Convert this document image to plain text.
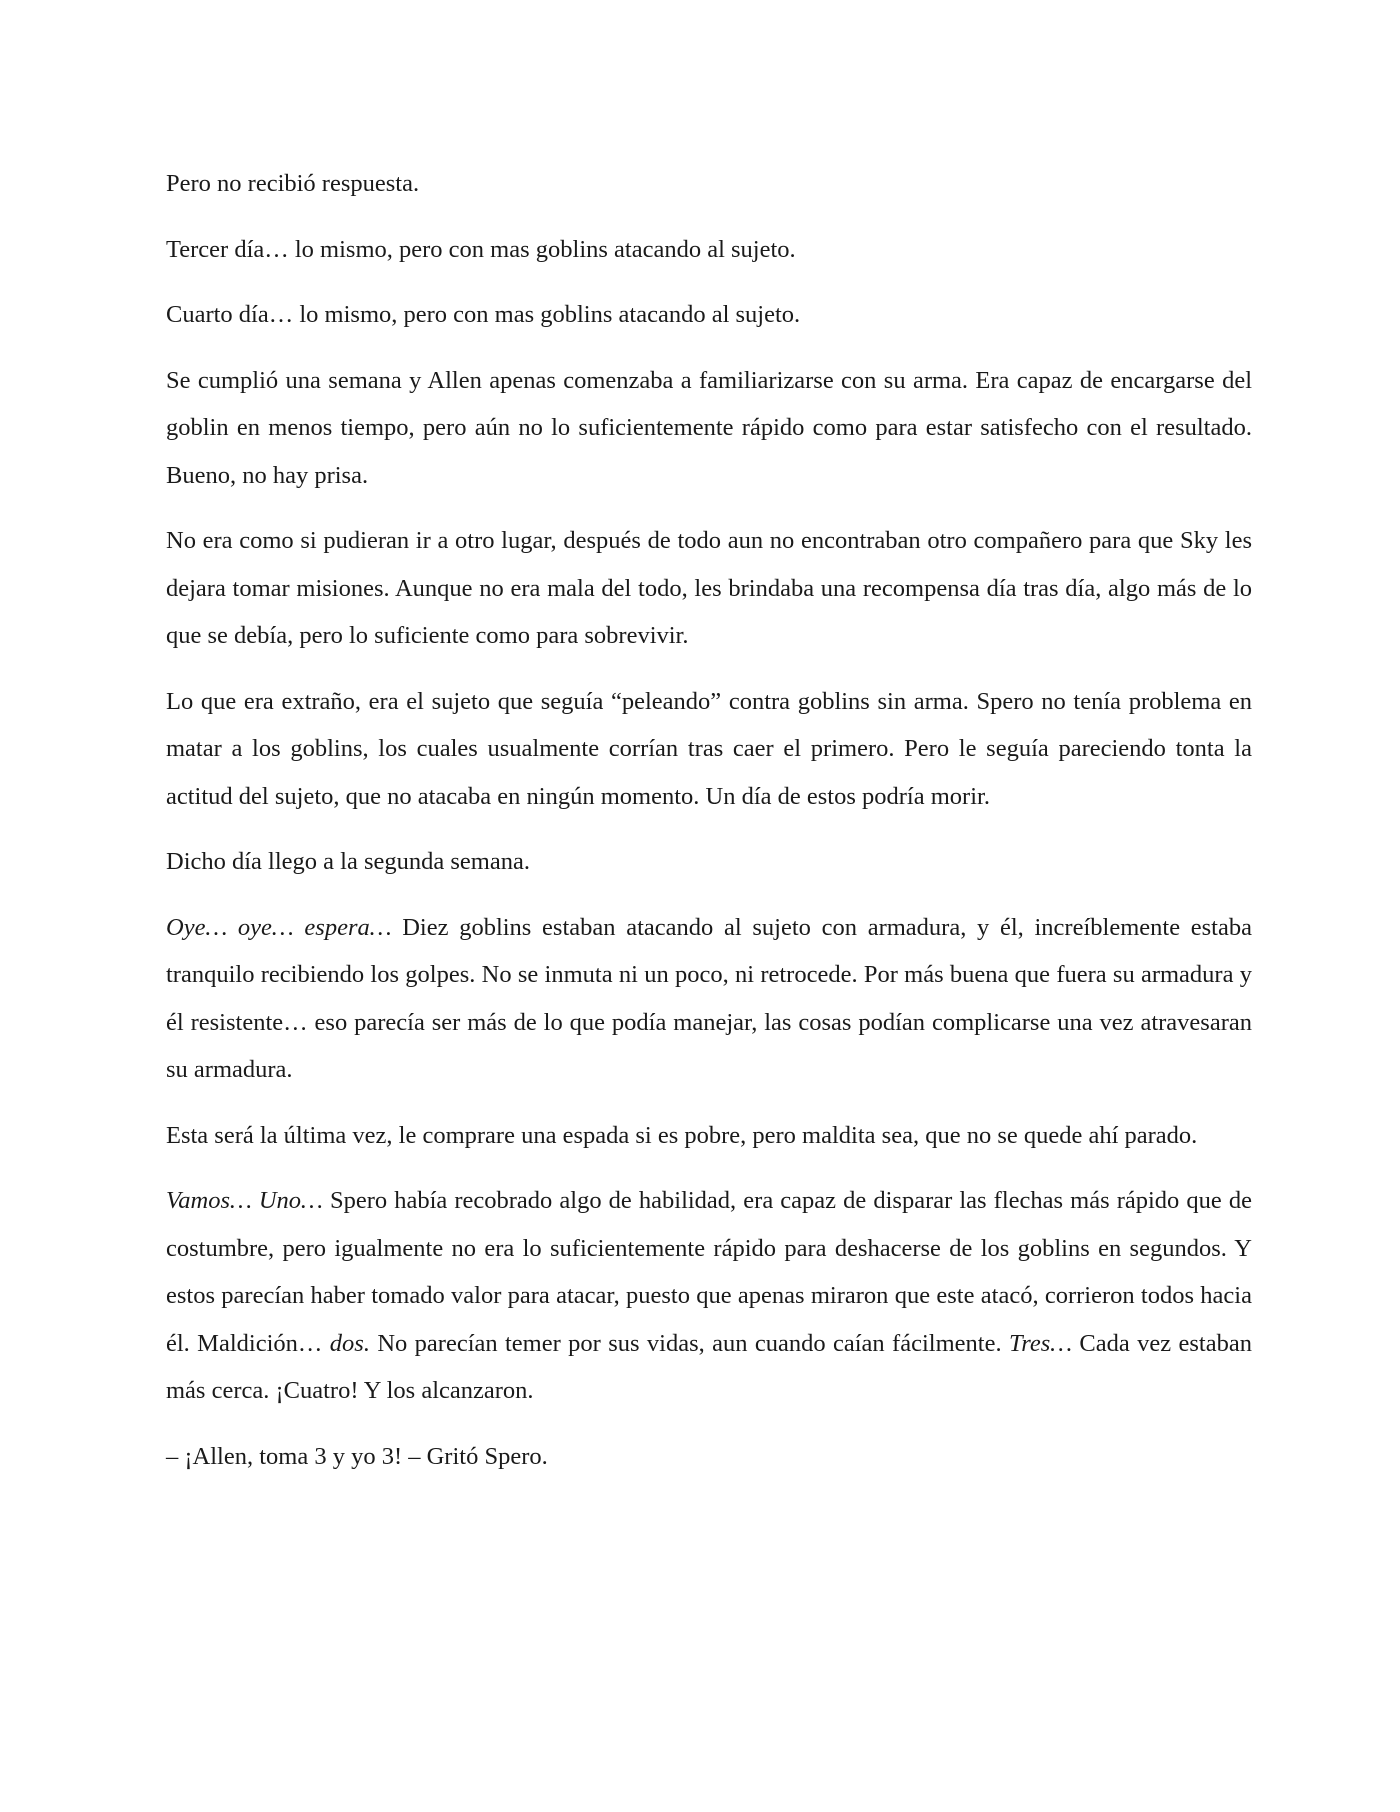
Pero no recibió respuesta.

Tercer día… lo mismo, pero con mas goblins atacando al sujeto.

Cuarto día… lo mismo, pero con mas goblins atacando al sujeto.

Se cumplió una semana y Allen apenas comenzaba a familiarizarse con su arma. Era capaz de encargarse del goblin en menos tiempo, pero aún no lo suficientemente rápido como para estar satisfecho con el resultado. Bueno, no hay prisa.

No era como si pudieran ir a otro lugar, después de todo aun no encontraban otro compañero para que Sky les dejara tomar misiones. Aunque no era mala del todo, les brindaba una recompensa día tras día, algo más de lo que se debía, pero lo suficiente como para sobrevivir.

Lo que era extraño, era el sujeto que seguía “peleando” contra goblins sin arma. Spero no tenía problema en matar a los goblins, los cuales usualmente corrían tras caer el primero. Pero le seguía pareciendo tonta la actitud del sujeto, que no atacaba en ningún momento. Un día de estos podría morir.

Dicho día llego a la segunda semana.

Oye… oye… espera… Diez goblins estaban atacando al sujeto con armadura, y él, increíblemente estaba tranquilo recibiendo los golpes. No se inmuta ni un poco, ni retrocede. Por más buena que fuera su armadura y él resistente… eso parecía ser más de lo que podía manejar, las cosas podían complicarse una vez atravesaran su armadura.

Esta será la última vez, le comprare una espada si es pobre, pero maldita sea, que no se quede ahí parado.

Vamos… Uno… Spero había recobrado algo de habilidad, era capaz de disparar las flechas más rápido que de costumbre, pero igualmente no era lo suficientemente rápido para deshacerse de los goblins en segundos. Y estos parecían haber tomado valor para atacar, puesto que apenas miraron que este atacó, corrieron todos hacia él. Maldición… dos. No parecían temer por sus vidas, aun cuando caían fácilmente. Tres… Cada vez estaban más cerca. ¡Cuatro! Y los alcanzaron.

– ¡Allen, toma 3 y yo 3! – Gritó Spero.
